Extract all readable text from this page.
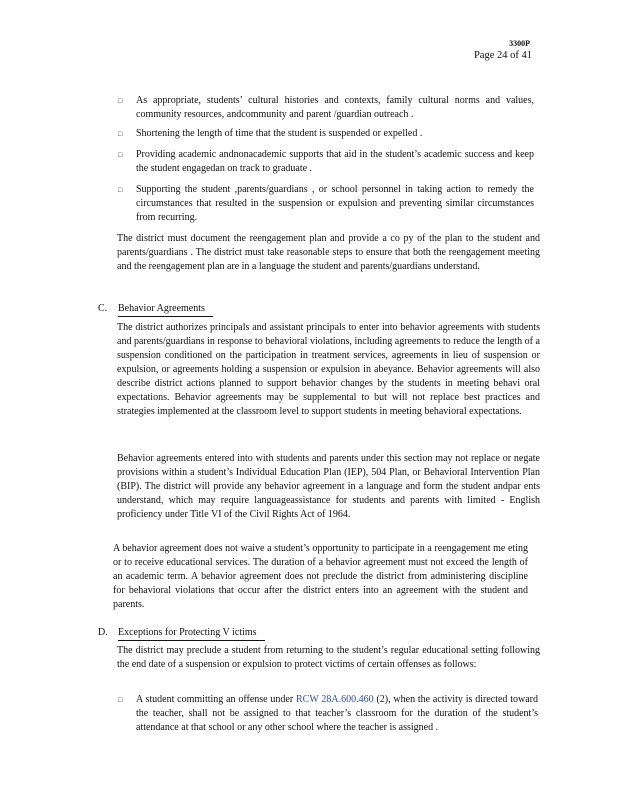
3300P
Page 24 of 41
□ As appropriate, students’ cultural histories and contexts, family cultural norms and values, community resources, andcommunity and parent /guardian outreach .

□ Shortening the length of time that the student is suspended or expelled .

□ Providing academic andnonacademic supports that aid in the student’s academic success and keep the student engagedan on track to graduate .

□ Supporting the student ,parents/guardians , or school personnel in taking action to remedy the circumstances that resulted in the suspension or expulsion and preventing similar circumstances from recurring.

The district must document the reengagement plan and provide a co py of the plan to the student and parents/guardians . The district must take reasonable steps to ensure that both the reengagement meeting and the reengagement plan are in a language the student and parents/guardians understand.

C. Behavior Agreements

The district authorizes principals and assistant principals to enter into behavior agreements with students and parents/guardians in response to behavioral violations, including agreements to reduce the length of a suspension conditioned on the participation in treatment services, agreements in lieu of suspension or expulsion, or agreements holding a suspension or expulsion in abeyance. Behavior agreements will also describe district actions planned to support behavior changes by the students in meeting behavi oral expectations. Behavior agreements may be supplemental to but will not replace best practices and strategies implemented at the classroom level to support students in meeting behavioral expectations.

Behavior agreements entered into with students and parents under this section may not replace or negate provisions within a student’s Individual Education Plan (IEP), 504 Plan, or Behavioral Intervention Plan (BIP). The district will provide any behavior agreement in a language and form the student andpar ents understand, which may require languageassistance for students and parents with limited - English proficiency under Title VI of the Civil Rights Act of 1964.

A behavior agreement does not waive a student’s opportunity to participate in a reengagement me eting or to receive educational services. The duration of a behavior agreement must not exceed the length of an academic term. A behavior agreement does not preclude the district from administering discipline for behavioral violations that occur after the district enters into an agreement with the student and parents.

D. Exceptions for Protecting V ictims

The district may preclude a student from returning to the student’s regular educational setting following the end date of a suspension or expulsion to protect victims of certain offenses as follows:

□ A student committing an offense under RCW 28A.600.460 (2), when the activity is directed toward the teacher, shall not be assigned to that teacher’s classroom for the duration of the student’s attendance at that school or any other school where the teacher is assigned .
